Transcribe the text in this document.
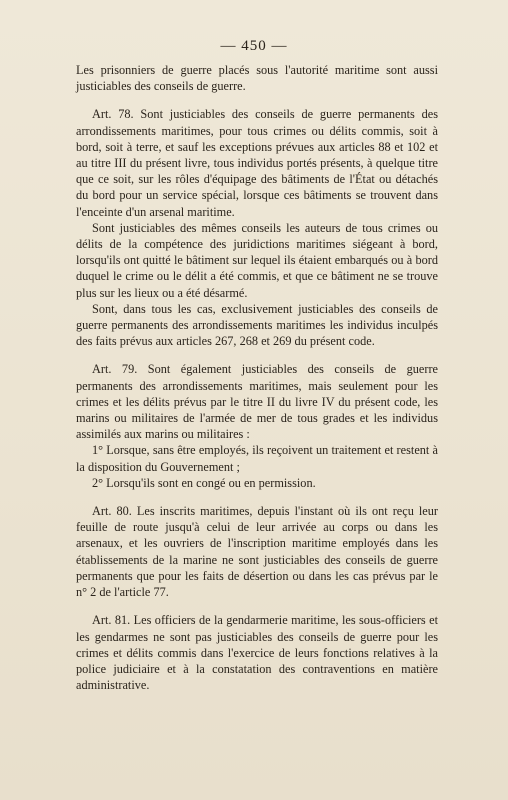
— 450 —

Les prisonniers de guerre placés sous l'autorité maritime sont aussi justiciables des conseils de guerre.

Art. 78. Sont justiciables des conseils de guerre permanents des arrondissements maritimes, pour tous crimes ou délits commis, soit à bord, soit à terre, et sauf les exceptions prévues aux articles 88 et 102 et au titre III du présent livre, tous individus portés présents, à quelque titre que ce soit, sur les rôles d'équipage des bâtiments de l'État ou détachés du bord pour un service spécial, lorsque ces bâtiments se trouvent dans l'enceinte d'un arsenal maritime.

Sont justiciables des mêmes conseils les auteurs de tous crimes ou délits de la compétence des juridictions maritimes siégeant à bord, lorsqu'ils ont quitté le bâtiment sur lequel ils étaient embarqués ou à bord duquel le crime ou le délit a été commis, et que ce bâtiment ne se trouve plus sur les lieux ou a été désarmé.

Sont, dans tous les cas, exclusivement justiciables des conseils de guerre permanents des arrondissements maritimes les individus inculpés des faits prévus aux articles 267, 268 et 269 du présent code.

Art. 79. Sont également justiciables des conseils de guerre permanents des arrondissements maritimes, mais seulement pour les crimes et les délits prévus par le titre II du livre IV du présent code, les marins ou militaires de l'armée de mer de tous grades et les individus assimilés aux marins ou militaires :

1° Lorsque, sans être employés, ils reçoivent un traitement et restent à la disposition du Gouvernement ;

2° Lorsqu'ils sont en congé ou en permission.

Art. 80. Les inscrits maritimes, depuis l'instant où ils ont reçu leur feuille de route jusqu'à celui de leur arrivée au corps ou dans les arsenaux, et les ouvriers de l'inscription maritime employés dans les établissements de la marine ne sont justiciables des conseils de guerre permanents que pour les faits de désertion ou dans les cas prévus par le n° 2 de l'article 77.

Art. 81. Les officiers de la gendarmerie maritime, les sous-officiers et les gendarmes ne sont pas justiciables des conseils de guerre pour les crimes et délits commis dans l'exercice de leurs fonctions relatives à la police judiciaire et à la constatation des contraventions en matière administrative.
